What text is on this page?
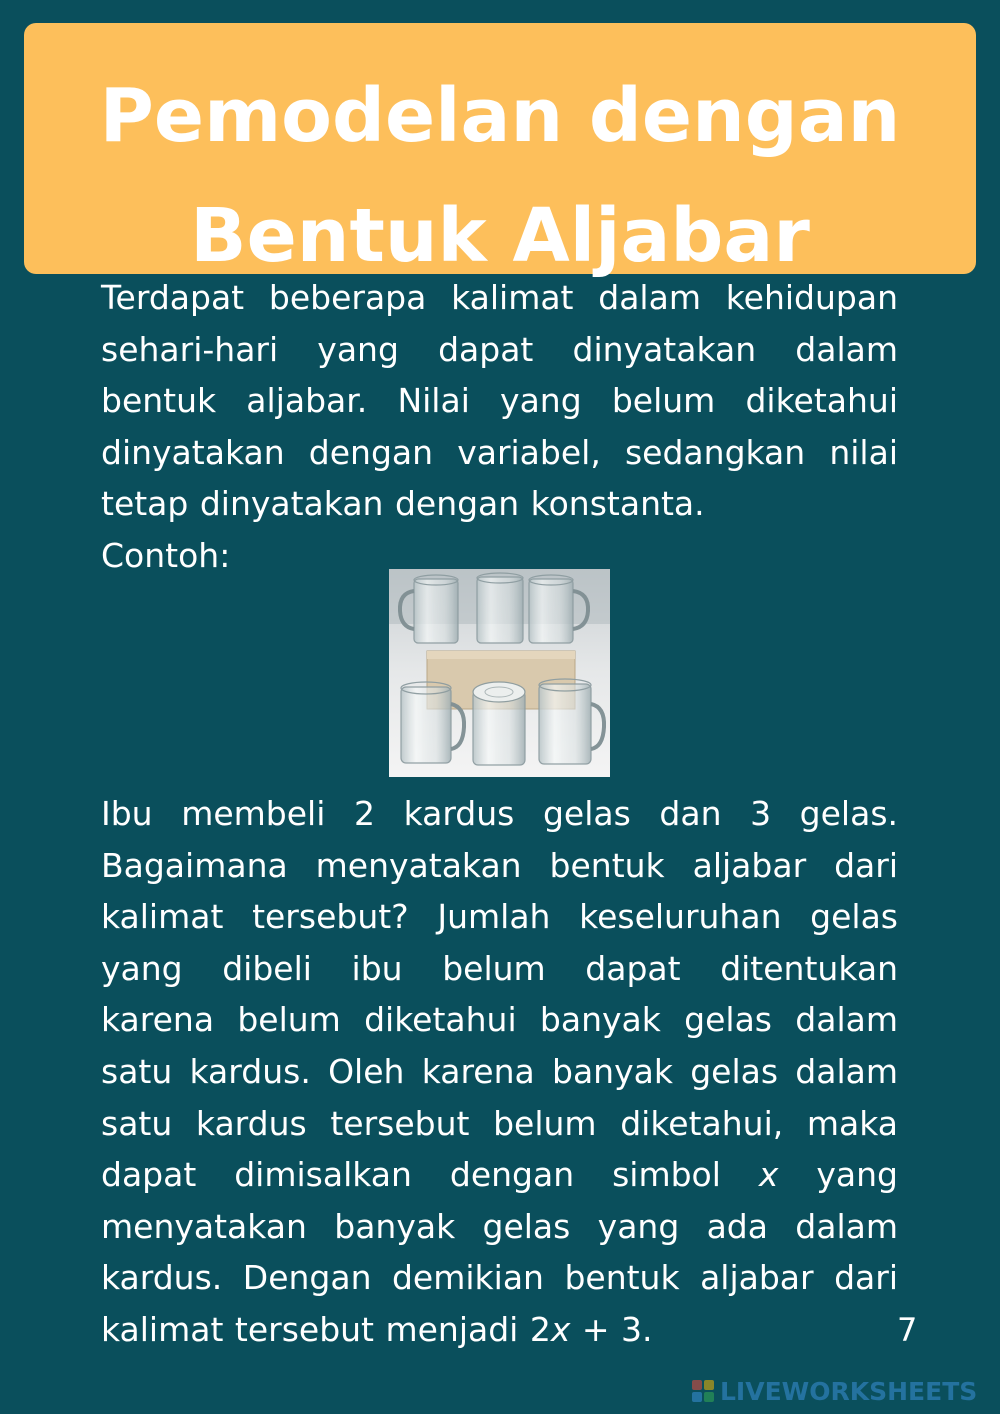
Pemodelan dengan
Bentuk Aljabar
Terdapat beberapa kalimat dalam kehidupan
sehari-hari yang dapat dinyatakan dalam
bentuk aljabar. Nilai yang belum diketahui
dinyatakan dengan variabel, sedangkan nilai
tetap dinyatakan dengan konstanta.
Contoh:
Ibu membeli 2 kardus gelas dan 3 gelas.
Bagaimana menyatakan bentuk aljabar dari
kalimat tersebut? Jumlah keseluruhan gelas
yang dibeli ibu belum dapat ditentukan
karena belum diketahui banyak gelas dalam
satu kardus. Oleh karena banyak gelas dalam
satu kardus tersebut belum diketahui, maka
dapat dimisalkan dengan simbol x yang
menyatakan banyak gelas yang ada dalam
kardus. Dengan demikian bentuk aljabar dari
kalimat tersebut menjadi 2x + 3.	7
LIVEWORKSHEETS
